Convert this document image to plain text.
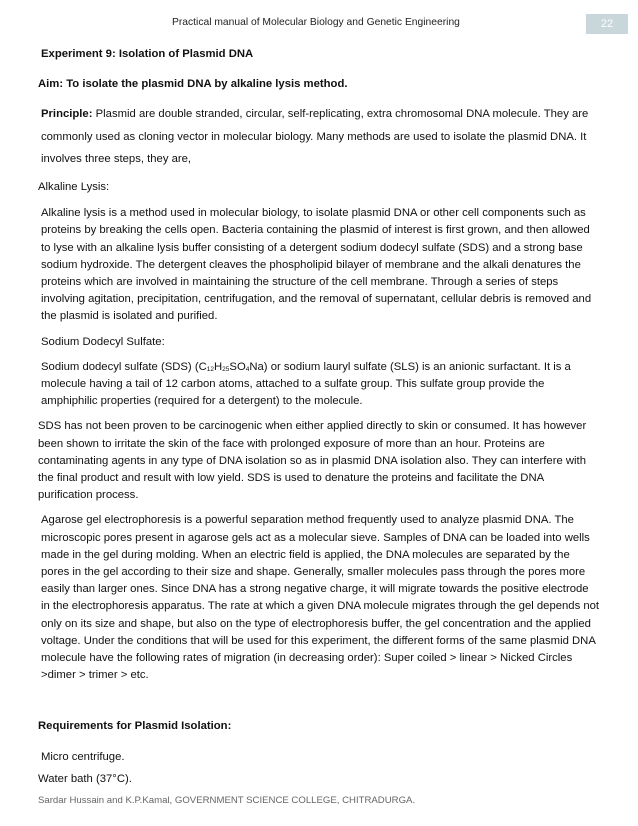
Practical manual of Molecular Biology and Genetic Engineering	22

Experiment 9: Isolation of Plasmid DNA

Aim: To isolate the plasmid DNA by alkaline lysis method.

Principle: Plasmid are double stranded, circular, self-replicating, extra chromosomal DNA molecule. They are commonly used as cloning vector in molecular biology. Many methods are used to isolate the plasmid DNA. It involves three steps, they are,

Alkaline Lysis:

Alkaline lysis is a method used in molecular biology, to isolate plasmid DNA or other cell components such as proteins by breaking the cells open. Bacteria containing the plasmid of interest is first grown, and then allowed to lyse with an alkaline lysis buffer consisting of a detergent sodium dodecyl sulfate (SDS) and a strong base sodium hydroxide. The detergent cleaves the phospholipid bilayer of membrane and the alkali denatures the proteins which are involved in maintaining the structure of the cell membrane. Through a series of steps involving agitation, precipitation, centrifugation, and the removal of supernatant, cellular debris is removed and the plasmid is isolated and purified.

Sodium Dodecyl Sulfate:

Sodium dodecyl sulfate (SDS) $(C_{12}H_{25}SO_4Na)$ or sodium lauryl sulfate (SLS) is an anionic surfactant. It is a molecule having a tail of 12 carbon atoms, attached to a sulfate group. This sulfate group provide the amphiphilic properties (required for a detergent) to the molecule.

SDS has not been proven to be carcinogenic when either applied directly to skin or consumed. It has however been shown to irritate the skin of the face with prolonged exposure of more than an hour. Proteins are contaminating agents in any type of DNA isolation so as in plasmid DNA isolation also. They can interfere with the final product and result with low yield. SDS is used to denature the proteins and facilitate the DNA purification process.

Agarose gel electrophoresis is a powerful separation method frequently used to analyze plasmid DNA. The microscopic pores present in agarose gels act as a molecular sieve. Samples of DNA can be loaded into wells made in the gel during molding. When an electric field is applied, the DNA molecules are separated by the pores in the gel according to their size and shape. Generally, smaller molecules pass through the pores more easily than larger ones. Since DNA has a strong negative charge, it will migrate towards the positive electrode in the electrophoresis apparatus. The rate at which a given DNA molecule migrates through the gel depends not only on its size and shape, but also on the type of electrophoresis buffer, the gel concentration and the applied voltage. Under the conditions that will be used for this experiment, the different forms of the same plasmid DNA molecule have the following rates of migration (in decreasing order): Super coiled > linear > Nicked Circles >dimer > trimer > etc.

Requirements for Plasmid Isolation:

Micro centrifuge.

Water bath (37°C).

Sardar Hussain and K.P.Kamal, GOVERNMENT SCIENCE COLLEGE, CHITRADURGA.
